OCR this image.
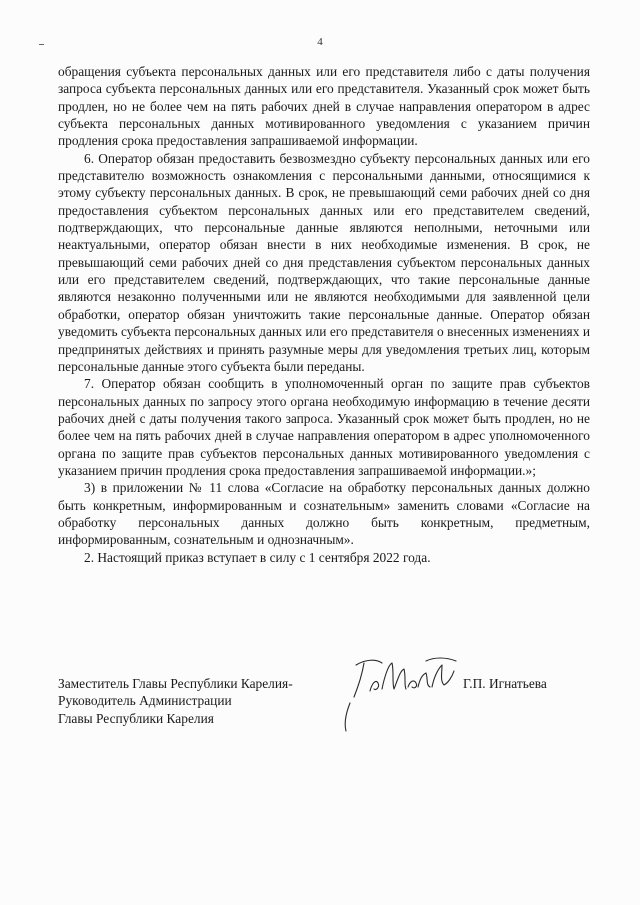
4

обращения субъекта персональных данных или его представителя либо с даты получения запроса субъекта персональных данных или его представителя. Указанный срок может быть продлен, но не более чем на пять рабочих дней в случае направления оператором в адрес субъекта персональных данных мотивированного уведомления с указанием причин продления срока предоставления запрашиваемой информации.

6. Оператор обязан предоставить безвозмездно субъекту персональных данных или его представителю возможность ознакомления с персональными данными, относящимися к этому субъекту персональных данных. В срок, не превышающий семи рабочих дней со дня предоставления субъектом персональных данных или его представителем сведений, подтверждающих, что персональные данные являются неполными, неточными или неактуальными, оператор обязан внести в них необходимые изменения. В срок, не превышающий семи рабочих дней со дня представления субъектом персональных данных или его представителем сведений, подтверждающих, что такие персональные данные являются незаконно полученными или не являются необходимыми для заявленной цели обработки, оператор обязан уничтожить такие персональные данные. Оператор обязан уведомить субъекта персональных данных или его представителя о внесенных изменениях и предпринятых действиях и принять разумные меры для уведомления третьих лиц, которым персональные данные этого субъекта были переданы.

7. Оператор обязан сообщить в уполномоченный орган по защите прав субъектов персональных данных по запросу этого органа необходимую информацию в течение десяти рабочих дней с даты получения такого запроса. Указанный срок может быть продлен, но не более чем на пять рабочих дней в случае направления оператором в адрес уполномоченного органа по защите прав субъектов персональных данных мотивированного уведомления с указанием причин продления срока предоставления запрашиваемой информации.»;

3) в приложении № 11 слова «Согласие на обработку персональных данных должно быть конкретным, информированным и сознательным» заменить словами «Согласие на обработку персональных данных должно быть конкретным, предметным, информированным, сознательным и однозначным».

2. Настоящий приказ вступает в силу с 1 сентября 2022 года.

Заместитель Главы Республики Карелия-
Руководитель Администрации
Главы Республики Карелия
Г.П. Игнатьева
